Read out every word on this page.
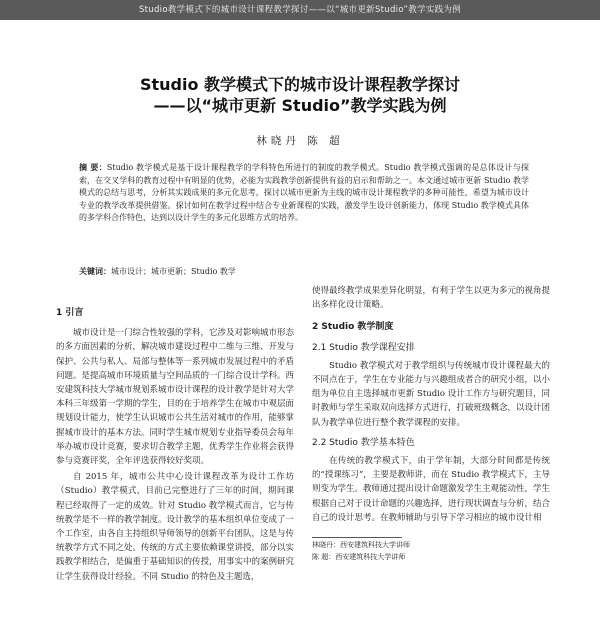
Studio教学模式下的城市设计课程教学探讨——以“城市更新Studio”教学实践为例
Studio 教学模式下的城市设计课程教学探讨
——以“城市更新 Studio”教学实践为例
林晓丹 陈 超
摘 要：Studio 教学模式是基于设计课程教学的学科特色所进行的制度的教学模式。Studio 教学模式强调的是总体设计与探索，在交叉学科的教育过程中有明显的优势，必能为实践教学创新提供有益的启示和帮助之一。本文通过城市更新 Studio 教学模式的总结与思考，分析其实践成果的多元化思考，探讨以城市更新为主线的城市设计课程教学的多种可能性，希望为城市设计专业的教学改革提供借鉴。探讨如何在教学过程中结合专业新课程的实践，激发学生设计创新能力，体现 Studio 教学模式具体的多学科合作特色，达到以设计学生的多元化思维方式的培养。
关键词：城市设计；城市更新；Studio 教学
1 引言

城市设计是一门综合性较强的学科，它涉及对影响城市形态的多方面因素的分析，解决城市建设过程中二维与三维、开发与保护、公共与私人、局部与整体等一系列城市发展过程中的矛盾问题。是提高城市环境质量与空间品质的一门综合设计学科。西安建筑科技大学城市规划系城市设计课程的设计教学是针对大学本科三年级第一学期的学生，目的在于培养学生在城市中观层面规划设计能力，使学生认识城市公共生活对城市的作用，能够掌握城市设计的基本方法。同时学生城市规划专业指导委员会每年举办城市设计竞赛，要求切合教学主题，优秀学生作业将会获得参与竞赛评奖，全年评选获得较好奖项。

自 2015 年，城市公共中心设计课程改革为设计工作坊（Studio）教学模式，目前已完整进行了三年的时间，期间课程已经取得了一定的成效。针对 Studio 教学模式而言，它与传统教学是不一样的教学制度。设计教学的基本组织单位变成了一个工作室，由各自主持组织导师领导的创新平台团队，这是与传统教学方式不同之处。传统的方式主要依赖课堂讲授，部分以实践教学相结合，是偏重于基础知识的传授，用事实中的案例研究让学生获得设计经验。不同 Studio 的特色及主题选，

使得最终教学成果差异化明显，有利于学生以更为多元的视角提出多样化设计策略。

2 Studio 教学制度
2.1 Studio 教学课程安排

Studio 教学模式对于教学组织与传统城市设计课程最大的不同点在于，学生在专业能力与兴趣组成者合的研究小组，以小组为单位自主选择城市更新 Studio 设计工作方与研究题目，同时教师与学生采取双向选择方式进行，打破班级概念，以设计团队为教学单位进行整个教学课程的安排。

2.2 Studio 教学基本特色

在传统的教学模式下，由于学年制，大部分时间都是传统的“授课练习”，主要是教师讲，而在 Studio 教学模式下，主导则变为学生。教师通过提出设计命题激发学生主观能动性，学生根据自己对于设计命题的兴趣选择，进行现状调查与分析，结合自己的设计思考。在教师辅助与引导下学习相应的城市设计相

林晓丹：西安建筑科技大学讲师

陈 超：西安建筑科技大学讲师
